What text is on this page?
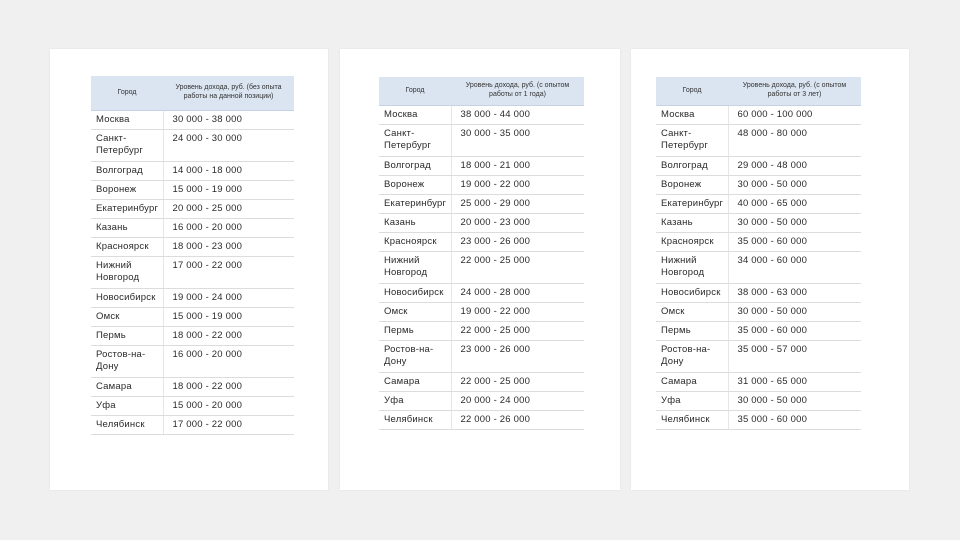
Город	Уровень дохода, руб. (без опыта работы на данной позиции)
Москва	30 000 - 38 000
Санкт-Петербург	24 000 - 30 000
Волгоград	14 000 - 18 000
Воронеж	15 000 - 19 000
Екатеринбург	20 000 - 25 000
Казань	16 000 - 20 000
Красноярск	18 000 - 23 000
Нижний Новгород	17 000 - 22 000
Новосибирск	19 000 - 24 000
Омск	15 000 - 19 000
Пермь	18 000 - 22 000
Ростов-на-Дону	16 000 - 20 000
Самара	18 000 - 22 000
Уфа	15 000 - 20 000
Челябинск	17 000 - 22 000
Город	Уровень дохода, руб. (с опытом работы от 1 года)
Москва	38 000 - 44 000
Санкт-Петербург	30 000 - 35 000
Волгоград	18 000 - 21 000
Воронеж	19 000 - 22 000
Екатеринбург	25 000 - 29 000
Казань	20 000 - 23 000
Красноярск	23 000 - 26 000
Нижний Новгород	22 000 - 25 000
Новосибирск	24 000 - 28 000
Омск	19 000 - 22 000
Пермь	22 000 - 25 000
Ростов-на-Дону	23 000 - 26 000
Самара	22 000 - 25 000
Уфа	20 000 - 24 000
Челябинск	22 000 - 26 000
Город	Уровень дохода, руб. (с опытом работы от 3 лет)
Москва	60 000 - 100 000
Санкт-Петербург	48 000 - 80 000
Волгоград	29 000 - 48 000
Воронеж	30 000 - 50 000
Екатеринбург	40 000 - 65 000
Казань	30 000 - 50 000
Красноярск	35 000 - 60 000
Нижний Новгород	34 000 - 60 000
Новосибирск	38 000 - 63 000
Омск	30 000 - 50 000
Пермь	35 000 - 60 000
Ростов-на-Дону	35 000 - 57 000
Самара	31 000 - 65 000
Уфа	30 000 - 50 000
Челябинск	35 000 - 60 000
